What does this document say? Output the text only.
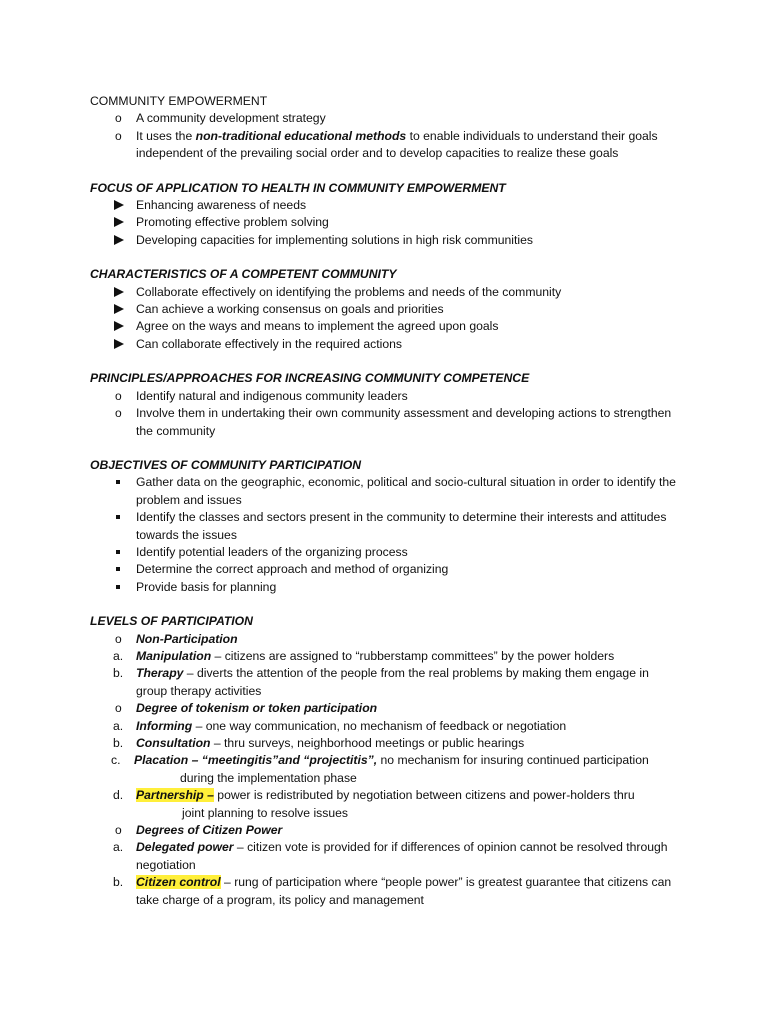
COMMUNITY EMPOWERMENT
o	A community development strategy
o	It uses the non-traditional educational methods to enable individuals to understand their goals independent of the prevailing social order and to develop capacities to realize these goals
FOCUS OF APPLICATION TO HEALTH IN COMMUNITY EMPOWERMENT
Enhancing awareness of needs
Promoting effective problem solving
Developing capacities for implementing solutions in high risk communities
CHARACTERISTICS OF A COMPETENT COMMUNITY
Collaborate effectively on identifying the problems and needs of the community
Can achieve a working consensus on goals and priorities
Agree on the ways and means to implement the agreed upon goals
Can collaborate effectively in the required actions
PRINCIPLES/APPROACHES FOR INCREASING COMMUNITY COMPETENCE
o	Identify natural and indigenous community leaders
o	Involve them in undertaking their own community assessment and developing actions to strengthen the community
OBJECTIVES OF COMMUNITY PARTICIPATION
Gather data on the geographic, economic, political and socio-cultural situation in order to identify the problem and issues
Identify the classes and sectors present in the community to determine their interests and attitudes towards the issues
Identify potential leaders of the organizing process
Determine the correct approach and method of organizing
Provide basis for planning
LEVELS OF PARTICIPATION
o	Non-Participation
a.	Manipulation – citizens are assigned to “rubberstamp committees” by the power holders
b.	Therapy – diverts the attention of the people from the real problems by making them engage in group therapy activities
o	Degree of tokenism or token participation
a.	Informing – one way communication, no mechanism of feedback or negotiation
b.	Consultation – thru surveys, neighborhood meetings or public hearings
c.	Placation – “meetingitis”and “projectitis”, no mechanism for insuring continued participation
during the implementation phase
d.	Partnership – power is redistributed by negotiation between citizens and power-holders thru
joint planning to resolve issues
o	Degrees of Citizen Power
a.	Delegated power – citizen vote is provided for if differences of opinion cannot be resolved through negotiation
b.	Citizen control – rung of participation where “people power” is greatest guarantee that citizens can take charge of a program, its policy and management
